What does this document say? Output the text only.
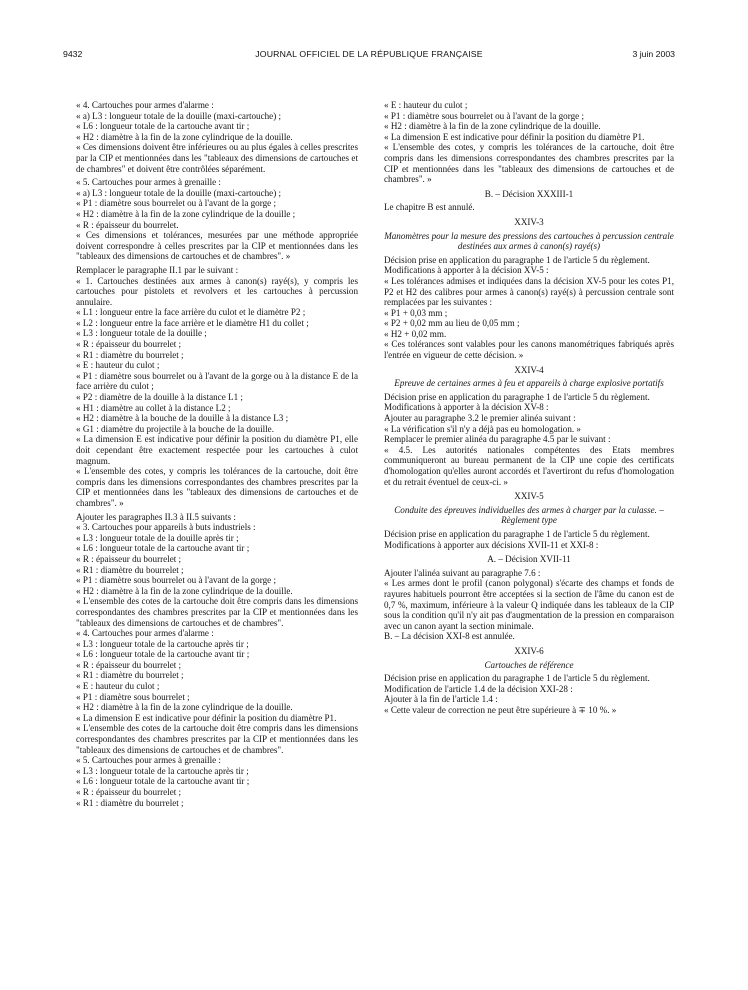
9432	JOURNAL OFFICIEL DE LA RÉPUBLIQUE FRANÇAISE	3 juin 2003

« 4. Cartouches pour armes d'alarme :

« a) L3 : longueur totale de la douille (maxi-cartouche) ;

« L6 : longueur totale de la cartouche avant tir ;

« H2 : diamètre à la fin de la zone cylindrique de la douille.

« Ces dimensions doivent être inférieures ou au plus égales à celles prescrites par la CIP et mentionnées dans les "tableaux des dimensions de cartouches et de chambres" et doivent être contrôlées séparément.

« 5. Cartouches pour armes à grenaille :

« a) L3 : longueur totale de la douille (maxi-cartouche) ;

« P1 : diamètre sous bourrelet ou à l'avant de la gorge ;

« H2 : diamètre à la fin de la zone cylindrique de la douille ;

« R : épaisseur du bourrelet.

« Ces dimensions et tolérances, mesurées par une méthode appropriée doivent correspondre à celles prescrites par la CIP et mentionnées dans les "tableaux des dimensions de cartouches et de chambres". »

Remplacer le paragraphe II.1 par le suivant :

« 1. Cartouches destinées aux armes à canon(s) rayé(s), y compris les cartouches pour pistolets et revolvers et les cartouches à percussion annulaire.

« L1 : longueur entre la face arrière du culot et le diamètre P2 ;

« L2 : longueur entre la face arrière et le diamètre H1 du collet ;

« L3 : longueur totale de la douille ;

« R : épaisseur du bourrelet ;

« R1 : diamètre du bourrelet ;

« E : hauteur du culot ;

« P1 : diamètre sous bourrelet ou à l'avant de la gorge ou à la distance E de la face arrière du culot ;

« P2 : diamètre de la douille à la distance L1 ;

« H1 : diamètre au collet à la distance L2 ;

« H2 : diamètre à la bouche de la douille à la distance L3 ;

« G1 : diamètre du projectile à la bouche de la douille.

« La dimension E est indicative pour définir la position du diamètre P1, elle doit cependant être exactement respectée pour les cartouches à culot magnum.

« L'ensemble des cotes, y compris les tolérances de la cartouche, doit être compris dans les dimensions correspondantes des chambres prescrites par la CIP et mentionnées dans les "tableaux des dimensions de cartouches et de chambres". »

Ajouter les paragraphes II.3 à II.5 suivants :

« 3. Cartouches pour appareils à buts industriels :

« L3 : longueur totale de la douille après tir ;

« L6 : longueur totale de la cartouche avant tir ;

« R : épaisseur du bourrelet ;

« R1 : diamètre du bourrelet ;

« P1 : diamètre sous bourrelet ou à l'avant de la gorge ;

« H2 : diamètre à la fin de la zone cylindrique de la douille.

« L'ensemble des cotes de la cartouche doit être compris dans les dimensions correspondantes des chambres prescrites par la CIP et mentionnées dans les "tableaux des dimensions de cartouches et de chambres".

« 4. Cartouches pour armes d'alarme :

« L3 : longueur totale de la cartouche après tir ;

« L6 : longueur totale de la cartouche avant tir ;

« R : épaisseur du bourrelet ;

« R1 : diamètre du bourrelet ;

« E : hauteur du culot ;

« P1 : diamètre sous bourrelet ;

« H2 : diamètre à la fin de la zone cylindrique de la douille.

« La dimension E est indicative pour définir la position du diamètre P1.

« L'ensemble des cotes de la cartouche doit être compris dans les dimensions correspondantes des chambres prescrites par la CIP et mentionnées dans les "tableaux des dimensions de cartouches et de chambres".

« 5. Cartouches pour armes à grenaille :

« L3 : longueur totale de la cartouche après tir ;

« L6 : longueur totale de la cartouche avant tir ;

« R : épaisseur du bourrelet ;

« R1 : diamètre du bourrelet ;

« E : hauteur du culot ;

« P1 : diamètre sous bourrelet ou à l'avant de la gorge ;

« H2 : diamètre à la fin de la zone cylindrique de la douille.

« La dimension E est indicative pour définir la position du diamètre P1.

« L'ensemble des cotes, y compris les tolérances de la cartouche, doit être compris dans les dimensions correspondantes des chambres prescrites par la CIP et mentionnées dans les "tableaux des dimensions de cartouches et de chambres". »

B. – Décision XXXIII-1

Le chapitre B est annulé.

XXIV-3

Manomètres pour la mesure des pressions des cartouches à percussion centrale destinées aux armes à canon(s) rayé(s)

Décision prise en application du paragraphe 1 de l'article 5 du règlement.

Modifications à apporter à la décision XV-5 :

« Les tolérances admises et indiquées dans la décision XV-5 pour les cotes P1, P2 et H2 des calibres pour armes à canon(s) rayé(s) à percussion centrale sont remplacées par les suivantes :

« P1 + 0,03 mm ;

« P2 + 0,02 mm au lieu de 0,05 mm ;

« H2 + 0,02 mm.

« Ces tolérances sont valables pour les canons manométriques fabriqués après l'entrée en vigueur de cette décision. »

XXIV-4

Epreuve de certaines armes à feu et appareils à charge explosive portatifs

Décision prise en application du paragraphe 1 de l'article 5 du règlement.

Modifications à apporter à la décision XV-8 :

Ajouter au paragraphe 3.2 le premier alinéa suivant :

« La vérification s'il n'y a déjà pas eu homologation. »

Remplacer le premier alinéa du paragraphe 4.5 par le suivant :

« 4.5. Les autorités nationales compétentes des Etats membres communiqueront au bureau permanent de la CIP une copie des certificats d'homologation qu'elles auront accordés et l'avertiront du refus d'homologation et du retrait éventuel de ceux-ci. »

XXIV-5

Conduite des épreuves individuelles des armes à charger par la culasse. – Règlement type

Décision prise en application du paragraphe 1 de l'article 5 du règlement.

Modifications à apporter aux décisions XVII-11 et XXI-8 :

A. – Décision XVII-11

Ajouter l'alinéa suivant au paragraphe 7.6 :

« Les armes dont le profil (canon polygonal) s'écarte des champs et fonds de rayures habituels pourront être acceptées si la section de l'âme du canon est de 0,7 %, maximum, inférieure à la valeur Q indiquée dans les tableaux de la CIP sous la condition qu'il n'y ait pas d'augmentation de la pression en comparaison avec un canon ayant la section minimale.

B. – La décision XXI-8 est annulée.

XXIV-6

Cartouches de référence

Décision prise en application du paragraphe 1 de l'article 5 du règlement.

Modification de l'article 1.4 de la décision XXI-28 :

Ajouter à la fin de l'article 1.4 :

« Cette valeur de correction ne peut être supérieure à ∓ 10 %. »
